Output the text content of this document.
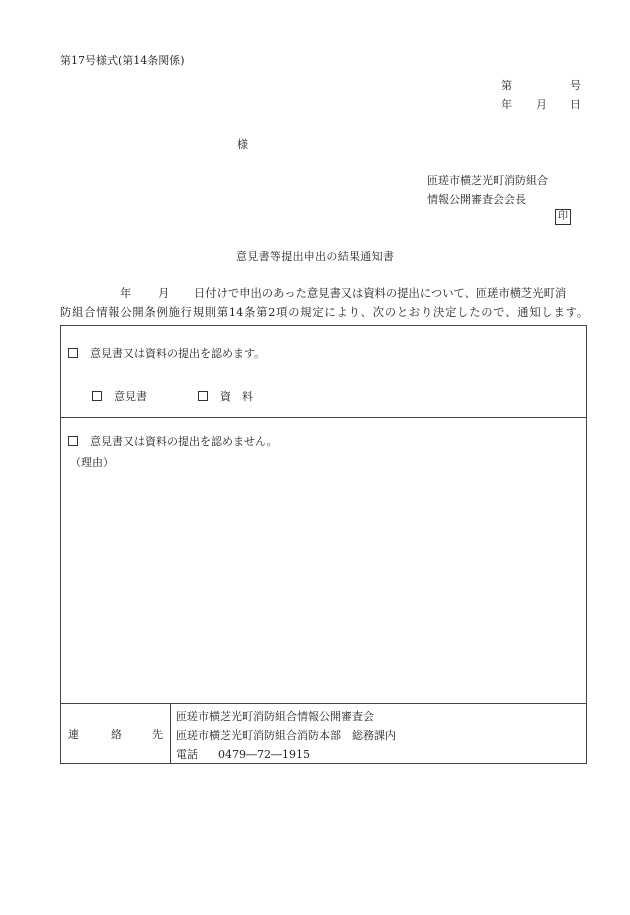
第17号様式(第14条関係)
第	号
年 月 日
様
匝瑳市横芝光町消防組合
情報公開審査会会長
印
意見書等提出申出の結果通知書
年 月 日付けで申出のあった意見書又は資料の提出について、匝瑳市横芝光町消
防組合情報公開条例施行規則第14条第2項の規定により、次のとおり決定したので、通知します。
意見書又は資料の提出を認めます。
意見書	資　料
意見書又は資料の提出を認めません。
（理由）
連	絡	先
匝瑳市横芝光町消防組合情報公開審査会
匝瑳市横芝光町消防組合消防本部　総務課内
電話 0479―72―1915
